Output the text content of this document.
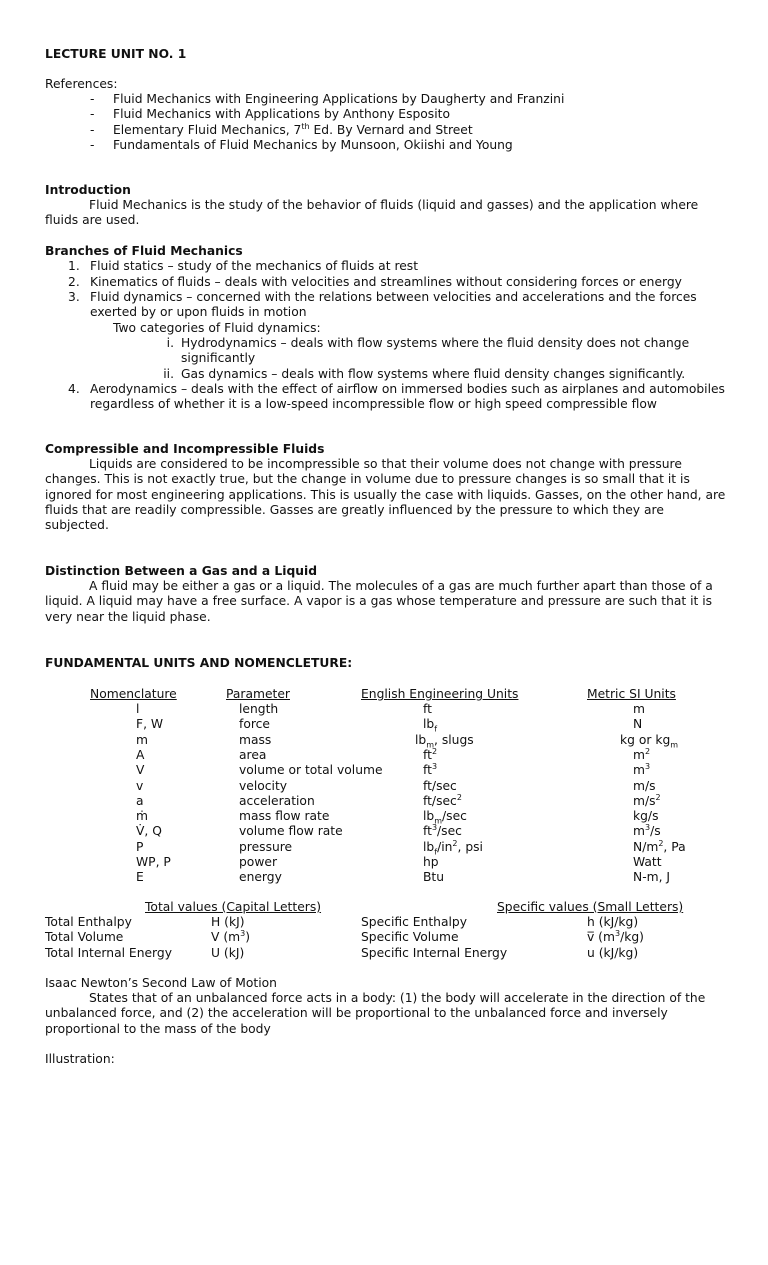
LECTURE UNIT NO. 1
References:
- Fluid Mechanics with Engineering Applications by Daugherty and Franzini
- Fluid Mechanics with Applications by Anthony Esposito
- Elementary Fluid Mechanics, 7th Ed. By Vernard and Street
- Fundamentals of Fluid Mechanics by Munsoon, Okiishi and Young
Introduction
Fluid Mechanics is the study of the behavior of fluids (liquid and gasses) and the application where fluids are used.
Branches of Fluid Mechanics
1. Fluid statics – study of the mechanics of fluids at rest
2. Kinematics of fluids – deals with velocities and streamlines without considering forces or energy
3. Fluid dynamics – concerned with the relations between velocities and accelerations and the forces exerted by or upon fluids in motion
Two categories of Fluid dynamics:
i. Hydrodynamics – deals with flow systems where the fluid density does not change significantly
ii. Gas dynamics – deals with flow systems where fluid density changes significantly.
4. Aerodynamics – deals with the effect of airflow on immersed bodies such as airplanes and automobiles regardless of whether it is a low-speed incompressible flow or high speed compressible flow
Compressible and Incompressible Fluids
Liquids are considered to be incompressible so that their volume does not change with pressure changes. This is not exactly true, but the change in volume due to pressure changes is so small that it is ignored for most engineering applications. This is usually the case with liquids. Gasses, on the other hand, are fluids that are readily compressible. Gasses are greatly influenced by the pressure to which they are subjected.
Distinction Between a Gas and a Liquid
A fluid may be either a gas or a liquid. The molecules of a gas are much further apart than those of a liquid. A liquid may have a free surface. A vapor is a gas whose temperature and pressure are such that it is very near the liquid phase.
FUNDAMENTAL UNITS AND NOMENCLETURE:
Nomenclature	Parameter	English Engineering Units	Metric SI Units
l	length	ft	m
F, W	force	$lb_f$	N
m	mass	$lb_m$, slugs	kg or $kg_m$
A	area	$ft^2$	$m^2$
V	volume or total volume	$ft^3$	$m^3$
v	velocity	ft/sec	m/s
a	acceleration	$ft/\sec^2$	$m/s^2$
ṁ	mass flow rate	$lb_m/\sec$	kg/s
V̇, Q	volume flow rate	$ft^3/\sec$	$m^3/s$
P	pressure	$lb_f/in^2$, psi	$N/m^2$, Pa
WP, P	power	hp	Watt
E	energy	Btu	N-m, J
Total values (Capital Letters)	Specific values (Small Letters)
Total Enthalpy	H (kJ)	Specific Enthalpy	h (kJ/kg)
Total Volume	V $(m^3)$	Specific Volume	v̅ $(m^3/kg)$
Total Internal Energy	U (kJ)	Specific Internal Energy	u (kJ/kg)
Isaac Newton’s Second Law of Motion
States that of an unbalanced force acts in a body: (1) the body will accelerate in the direction of the unbalanced force, and (2) the acceleration will be proportional to the unbalanced force and inversely proportional to the mass of the body
Illustration:
